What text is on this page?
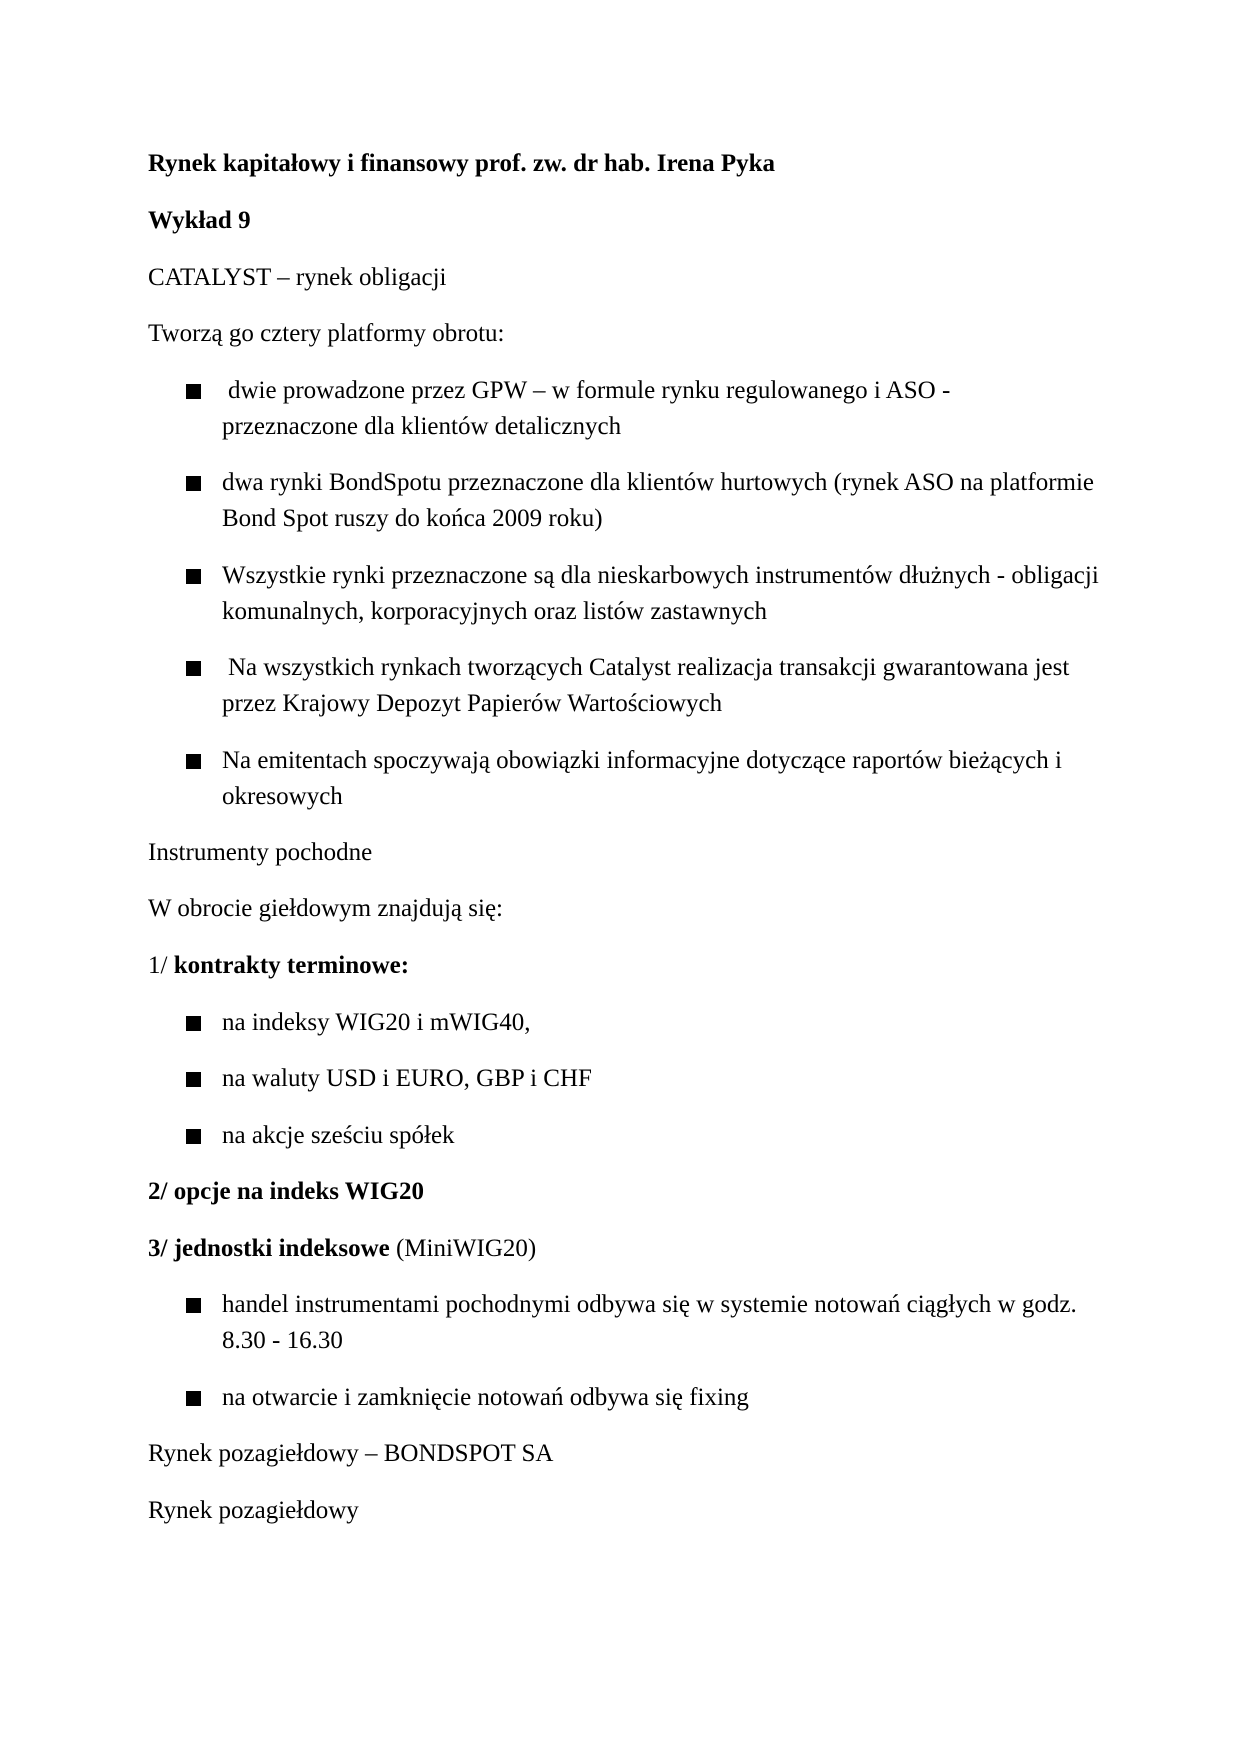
Rynek kapitałowy i finansowy prof. zw. dr hab. Irena Pyka
Wykład 9
CATALYST – rynek obligacji
Tworzą go cztery platformy obrotu:
dwie prowadzone przez GPW – w formule rynku regulowanego i ASO -
przeznaczone dla klientów detalicznych
dwa rynki BondSpotu przeznaczone dla klientów hurtowych (rynek ASO na platformie Bond Spot ruszy do końca 2009 roku)
Wszystkie rynki przeznaczone są dla nieskarbowych instrumentów dłużnych - obligacji komunalnych, korporacyjnych oraz listów zastawnych
Na wszystkich rynkach tworzących Catalyst realizacja transakcji gwarantowana jest przez Krajowy Depozyt Papierów Wartościowych
Na emitentach spoczywają obowiązki informacyjne dotyczące raportów bieżących i okresowych
Instrumenty pochodne
W obrocie giełdowym znajdują się:
1/ kontrakty terminowe:
na indeksy WIG20 i mWIG40,
na waluty USD i EURO, GBP i CHF
na akcje sześciu spółek
2/ opcje na indeks WIG20
3/ jednostki indeksowe (MiniWIG20)
handel instrumentami pochodnymi odbywa się w systemie notowań ciągłych w godz. 8.30 - 16.30
na otwarcie i zamknięcie notowań odbywa się fixing
Rynek pozagiełdowy – BONDSPOT SA
Rynek pozagiełdowy
